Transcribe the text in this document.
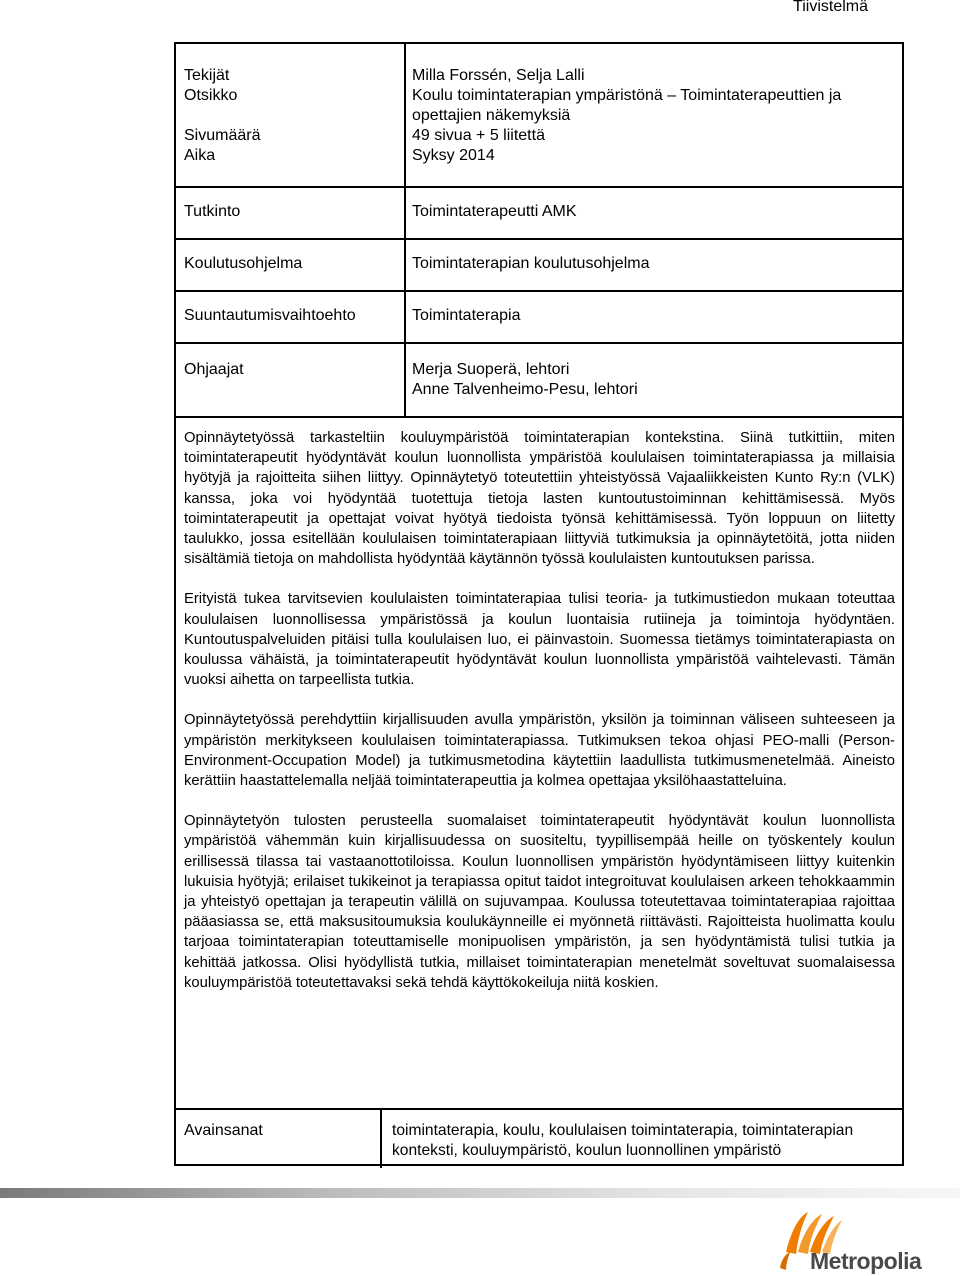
Tiivistelmä
Tekijät	Milla Forssén, Selja Lalli
Otsikko	Koulu toimintaterapian ympäristönä – Toimintaterapeuttien ja opettajien näkemyksiä
Sivumäärä	49 sivua + 5 liitettä
Aika	Syksy 2014
Tutkinto	Toimintaterapeutti AMK
Koulutusohjelma	Toimintaterapian koulutusohjelma
Suuntautumisvaihtoehto	Toimintaterapia
Ohjaajat	Merja Suoperä, lehtori
Anne Talvenheimo-Pesu, lehtori

Opinnäytetyössä tarkasteltiin kouluympäristöä toimintaterapian kontekstina. Siinä tutkittiin, miten toimintaterapeutit hyödyntävät koulun luonnollista ympäristöä koululaisen toimintaterapiassa ja millaisia hyötyjä ja rajoitteita siihen liittyy. Opinnäytetyö toteutettiin yhteistyössä Vajaaliikkeisten Kunto Ry:n (VLK) kanssa, joka voi hyödyntää tuotettuja tietoja lasten kuntoutustoiminnan kehittämisessä. Myös toimintaterapeutit ja opettajat voivat hyötyä tiedoista työnsä kehittämisessä. Työn loppuun on liitetty taulukko, jossa esitellään koululaisen toimintaterapiaan liittyviä tutkimuksia ja opinnäytetöitä, jotta niiden sisältämiä tietoja on mahdollista hyödyntää käytännön työssä koululaisten kuntoutuksen parissa.

Erityistä tukea tarvitsevien koululaisten toimintaterapiaa tulisi teoria- ja tutkimustiedon mukaan toteuttaa koululaisen luonnollisessa ympäristössä ja koulun luontaisia rutiineja ja toimintoja hyödyntäen. Kuntoutuspalveluiden pitäisi tulla koululaisen luo, ei päinvastoin. Suomessa tietämys toimintaterapiasta on koulussa vähäistä, ja toimintaterapeutit hyödyntävät koulun luonnollista ympäristöä vaihtelevasti. Tämän vuoksi aihetta on tarpeellista tutkia.

Opinnäytetyössä perehdyttiin kirjallisuuden avulla ympäristön, yksilön ja toiminnan väliseen suhteeseen ja ympäristön merkitykseen koululaisen toimintaterapiassa. Tutkimuksen tekoa ohjasi PEO-malli (Person-Environment-Occupation Model) ja tutkimusmetodina käytettiin laadullista tutkimusmenetelmää. Aineisto kerättiin haastattelemalla neljää toimintaterapeuttia ja kolmea opettajaa yksilöhaastatteluina.

Opinnäytetyön tulosten perusteella suomalaiset toimintaterapeutit hyödyntävät koulun luonnollista ympäristöä vähemmän kuin kirjallisuudessa on suositeltu, tyypillisempää heille on työskentely koulun erillisessä tilassa tai vastaanottotiloissa. Koulun luonnollisen ympäristön hyödyntämiseen liittyy kuitenkin lukuisia hyötyjä; erilaiset tukikeinot ja terapiassa opitut taidot integroituvat koululaisen arkeen tehokkaammin ja yhteistyö opettajan ja terapeutin välillä on sujuvampaa. Koulussa toteutettavaa toimintaterapiaa rajoittaa pääasiassa se, että maksusitoumuksia koulukäynneille ei myönnetä riittävästi. Rajoitteista huolimatta koulu tarjoaa toimintaterapian toteuttamiselle monipuolisen ympäristön, ja sen hyödyntämistä tulisi tutkia ja kehittää jatkossa. Olisi hyödyllistä tutkia, millaiset toimintaterapian menetelmät soveltuvat suomalaisessa kouluympäristöä toteutettavaksi sekä tehdä käyttökokeiluja niitä koskien.

Avainsanat	toimintaterapia, koulu, koululaisen toimintaterapia, toimintaterapian konteksti, kouluympäristö, koulun luonnollinen ympäristö
Metropolia
